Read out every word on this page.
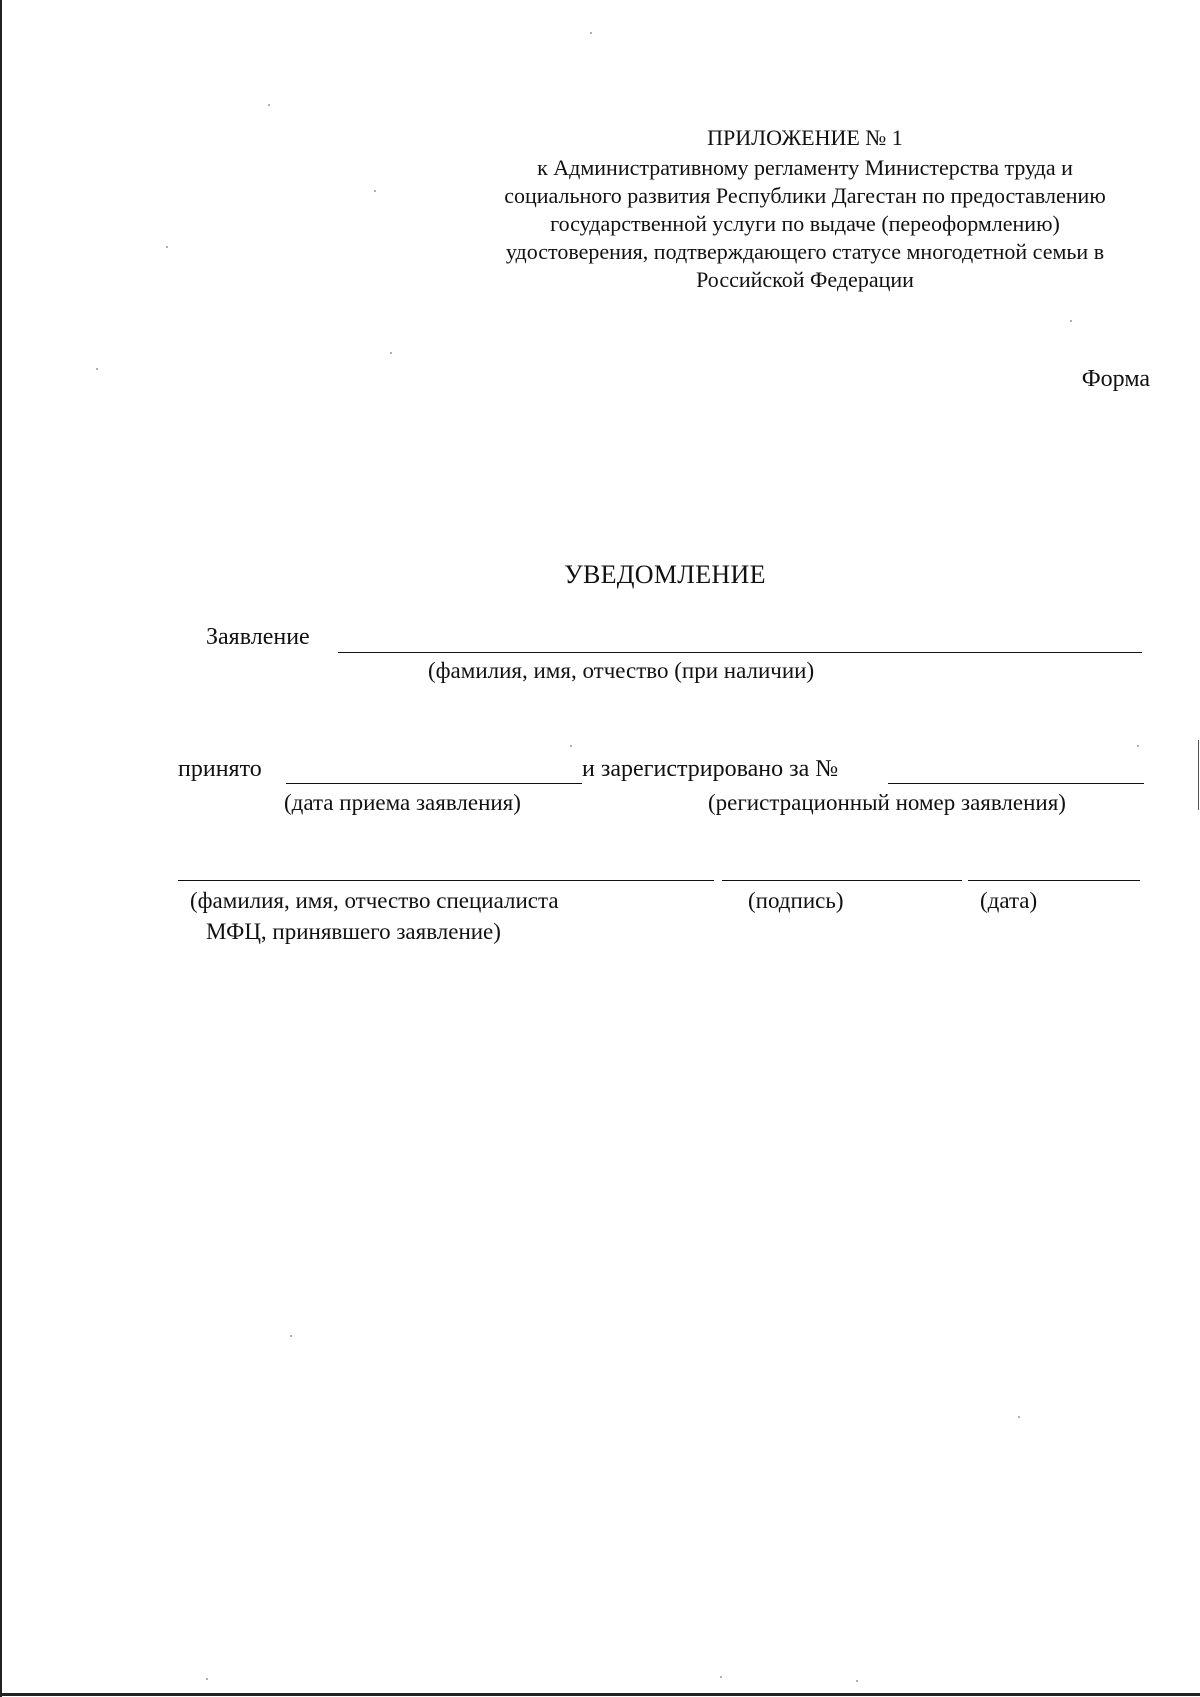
ПРИЛОЖЕНИЕ № 1
к Административному регламенту Министерства труда и
социального развития Республики Дагестан по предоставлению
государственной услуги по выдаче (переоформлению)
удостоверения, подтверждающего статусе многодетной семьи в
Российской Федерации
Форма
УВЕДОМЛЕНИЕ
Заявление
(фамилия, имя, отчество (при наличии)
принято	и зарегистрировано за №
(дата приема заявления)	(регистрационный номер заявления)
(фамилия, имя, отчество специалиста
МФЦ, принявшего заявление)
(подпись)	(дата)
